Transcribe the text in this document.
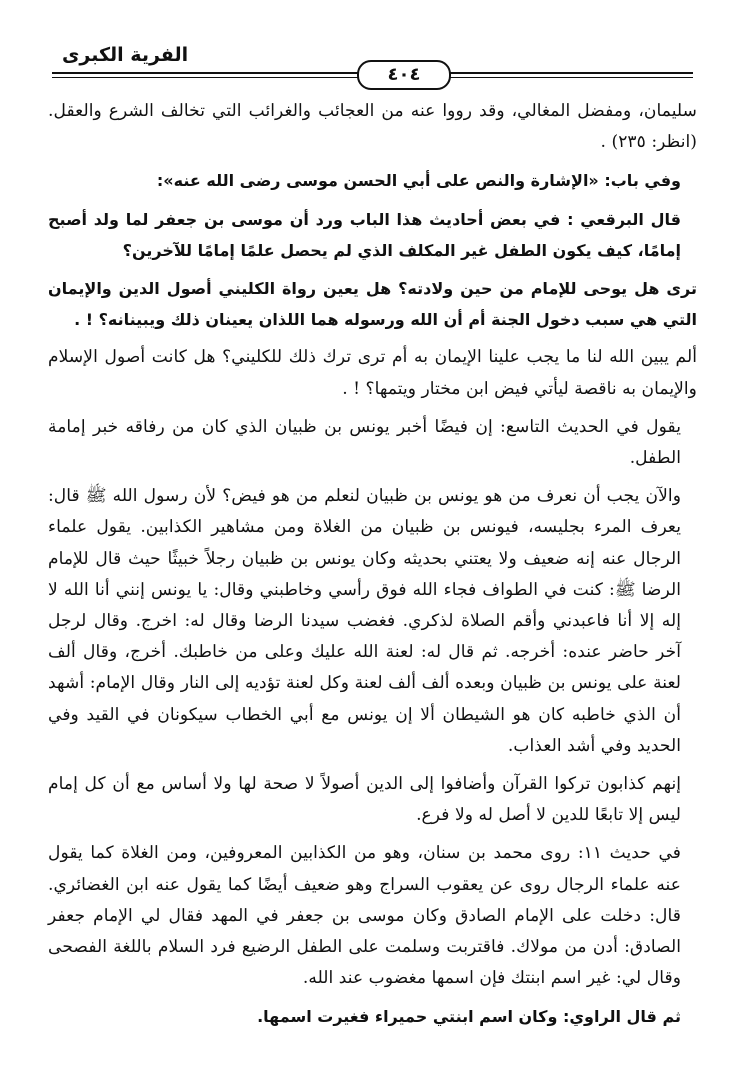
الفرية الكبرى
٤٠٤

سليمان، ومفضل المغالي، وقد رووا عنه من العجائب والغرائب التي تخالف الشرع والعقل. (انظر: ٢٣٥) .

وفي باب: «الإشارة والنص على أبي الحسن موسى رضى الله عنه»:

قال البرقعي : في بعض أحاديث هذا الباب ورد أن موسى بن جعفر لما ولد أصبح إمامًا، كيف يكون الطفل غير المكلف الذي لم يحصل علمًا إمامًا للآخرين؟

ترى هل يوحى للإمام من حين ولادته؟ هل يعين رواة الكليني أصول الدين والإيمان التي هي سبب دخول الجنة أم أن الله ورسوله هما اللذان يعينان ذلك ويبينانه؟ ! .

ألم يبين الله لنا ما يجب علينا الإيمان به أم ترى ترك ذلك للكليني؟ هل كانت أصول الإسلام والإيمان به ناقصة ليأتي فيض ابن مختار ويتمها؟ ! .

يقول في الحديث التاسع: إن فيضًا أخبر يونس بن ظبيان الذي كان من رفاقه خبر إمامة الطفل.

والآن يجب أن نعرف من هو يونس بن ظبيان لنعلم من هو فيض؟ لأن رسول الله ﷺ قال: يعرف المرء بجليسه، فيونس بن ظبيان من الغلاة ومن مشاهير الكذابين. يقول علماء الرجال عنه إنه ضعيف ولا يعتني بحديثه وكان يونس بن ظبيان رجلاً خبيثًا حيث قال للإمام الرضا ﷺ: كنت في الطواف فجاء الله فوق رأسي وخاطبني وقال: يا يونس إنني أنا الله لا إله إلا أنا فاعبدني وأقم الصلاة لذكري. فغضب سيدنا الرضا وقال له: اخرج. وقال لرجل آخر حاضر عنده: أخرجه. ثم قال له: لعنة الله عليك وعلى من خاطبك. أخرج، وقال ألف لعنة على يونس بن ظبيان وبعده ألف ألف لعنة وكل لعنة تؤديه إلى النار وقال الإمام: أشهد أن الذي خاطبه كان هو الشيطان ألا إن يونس مع أبي الخطاب سيكونان في القيد وفي الحديد وفي أشد العذاب.

إنهم كذابون تركوا القرآن وأضافوا إلى الدين أصولاً لا صحة لها ولا أساس مع أن كل إمام ليس إلا تابعًا للدين لا أصل له ولا فرع.

في حديث ١١: روى محمد بن سنان، وهو من الكذابين المعروفين، ومن الغلاة كما يقول عنه علماء الرجال روى عن يعقوب السراج وهو ضعيف أيضًا كما يقول عنه ابن الغضائري. قال: دخلت على الإمام الصادق وكان موسى بن جعفر في المهد فقال لي الإمام جعفر الصادق: أدن من مولاك. فاقتربت وسلمت على الطفل الرضيع فرد السلام باللغة الفصحى وقال لي: غير اسم ابنتك فإن اسمها مغضوب عند الله.

ثم قال الراوي: وكان اسم ابنتي حميراء فغيرت اسمها.
